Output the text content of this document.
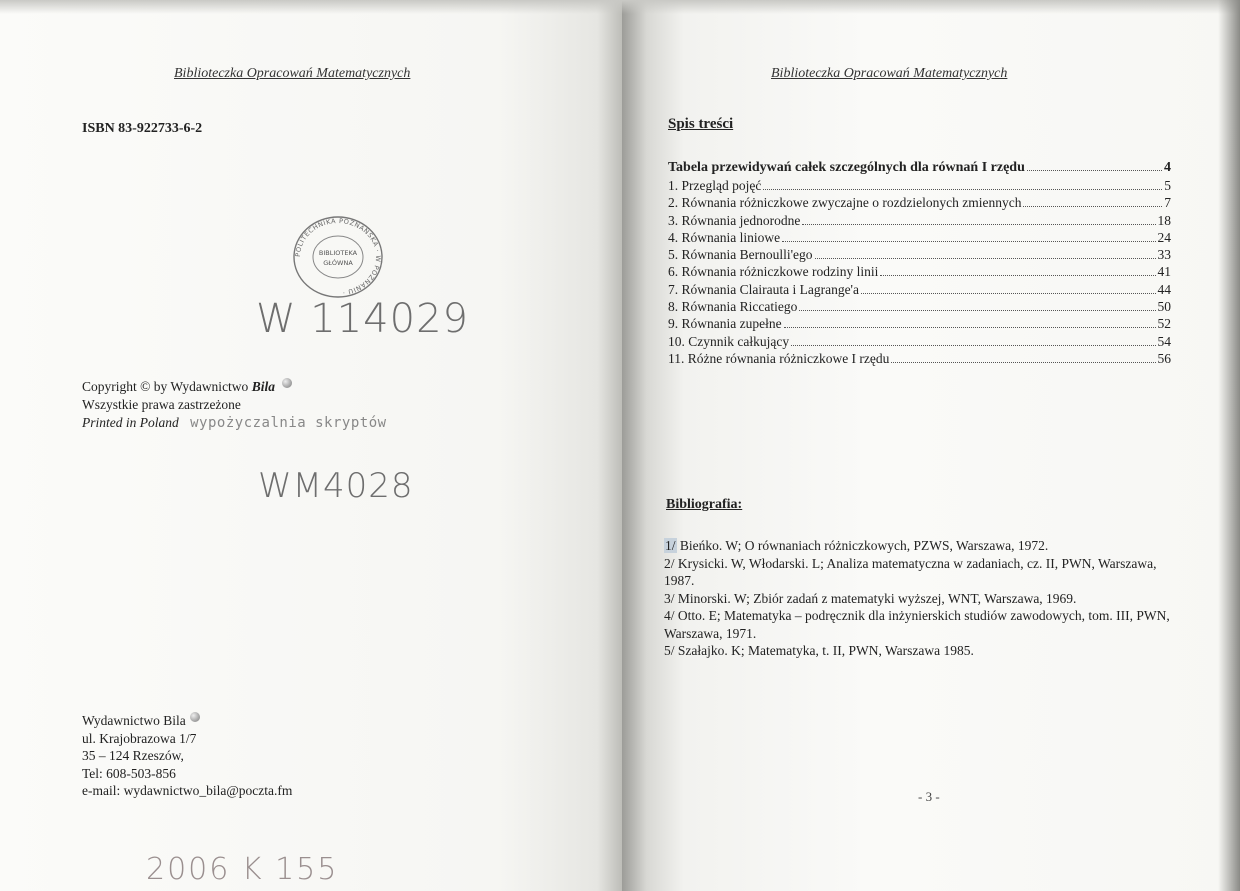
Biblioteczka Opracowań Matematycznych
ISBN 83-922733-6-2
POLITECHNIKA POZNAŃSKA · W POZNANIU ·
BIBLIOTEKA
GŁÓWNA
W 114029
Copyright © by Wydawnictwo Bila
Wszystkie prawa zastrzeżone
Printed in Poland wypożyczalnia skryptów
WM4028
Wydawnictwo Bila
ul. Krajobrazowa 1/7
35 – 124 Rzeszów,
Tel: 608-503-856
e-mail: wydawnictwo_bila@poczta.fm
2006 K 155
Biblioteczka Opracowań Matematycznych
Spis treści
Tabela przewidywań całek szczególnych dla równań I rzędu	4
1. Przegląd pojęć	5
2. Równania różniczkowe zwyczajne o rozdzielonych zmiennych	7
3. Równania jednorodne	18
4. Równania liniowe	24
5. Równania Bernoulli'ego	33
6. Równania różniczkowe rodziny linii	41
7. Równania Clairauta i Lagrange'a	44
8. Równania Riccatiego	50
9. Równania zupełne	52
10. Czynnik całkujący	54
11. Różne równania różniczkowe I rzędu	56
Bibliografia:

1/ Bieńko. W; O równaniach różniczkowych, PZWS, Warszawa, 1972.

2/ Krysicki. W, Włodarski. L; Analiza matematyczna w zadaniach, cz. II, PWN, Warszawa, 1987.

3/ Minorski. W; Zbiór zadań z matematyki wyższej, WNT, Warszawa, 1969.

4/ Otto. E; Matematyka – podręcznik dla inżynierskich studiów zawodowych, tom. III, PWN, Warszawa, 1971.

5/ Szałajko. K; Matematyka, t. II, PWN, Warszawa 1985.

- 3 -
